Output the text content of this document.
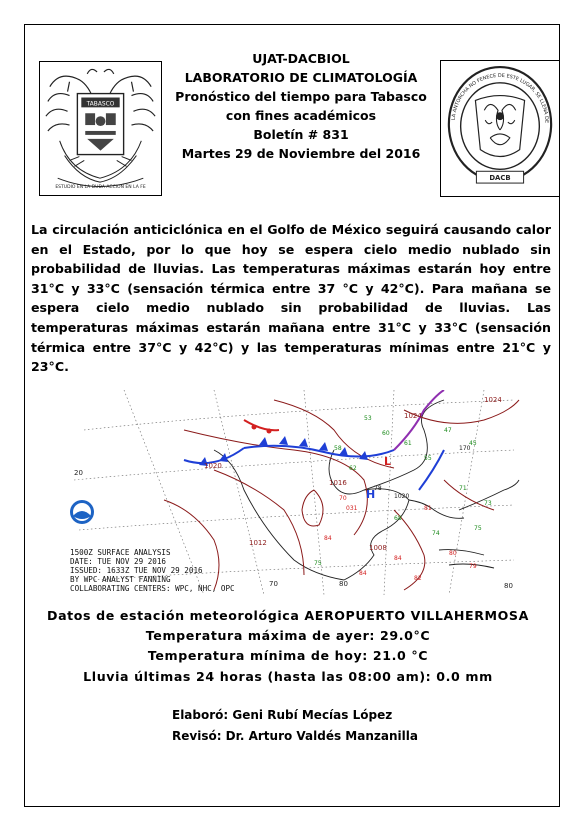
TABASCO
ESTUDIO EN LA DUDA ACCION EN LA FE
LA ANTORCHA NO FENECE DE ESTE LUGAR, SE LLENA DE
DACB
UJAT-DACBIOL
LABORATORIO DE CLIMATOLOGÍA
Pronóstico del tiempo para Tabasco
con fines académicos
Boletín # 831
Martes 29 de Noviembre del 2016
La circulación anticiclónica en el Golfo de México seguirá causando calor en el Estado, por lo que hoy se espera cielo medio nublado sin probabilidad de lluvias. Las temperaturas máximas estarán hoy entre 31°C y 33°C (sensación térmica entre 37 °C y 42°C). Para mañana se espera cielo medio nublado sin probabilidad de lluvias. Las temperaturas máximas estarán mañana entre 31°C y 33°C (sensación térmica entre 37°C y 42°C) y las temperaturas mínimas entre 21°C y 23°C.
53
60
61
55
47
45
71
73
75
74
75
58
62
68
70
031
84
84
84
82
80
79
81
78
1020
170
20
1020
1024
1012
1016
1008
1024
80
70	80
H
L
1500Z SURFACE ANALYSIS
DATE: TUE NOV 29 2016
ISSUED: 1633Z TUE NOV 29 2016
BY WPC ANALYST FANNING
COLLABORATING CENTERS: WPC, NHC, OPC
Datos de estación meteorológica AEROPUERTO VILLAHERMOSA
Temperatura máxima de ayer: 29.0°C
Temperatura mínima de hoy: 21.0 °C
Lluvia últimas 24 horas (hasta las 08:00 am): 0.0 mm
Elaboró: Geni Rubí Mecías López
Revisó: Dr. Arturo Valdés Manzanilla
